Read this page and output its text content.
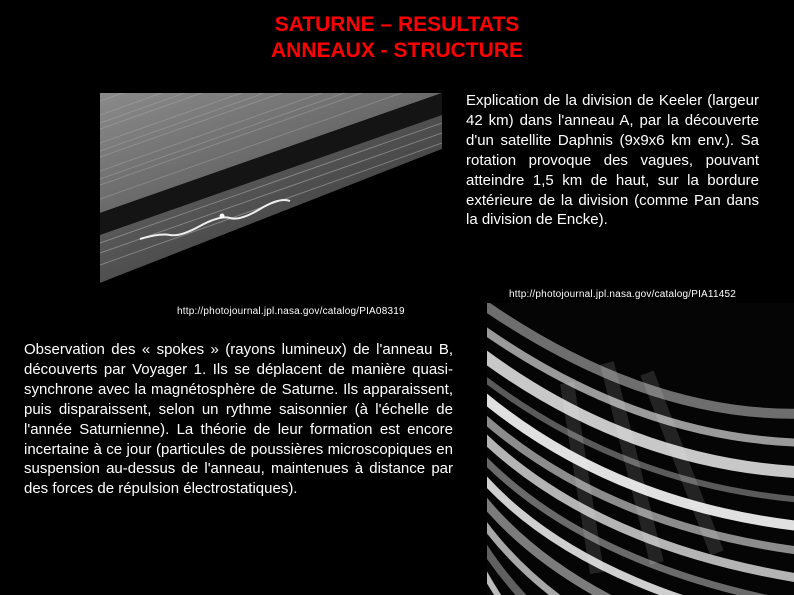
SATURNE – RESULTATS
ANNEAUX - STRUCTURE
http://photojournal.jpl.nasa.gov/catalog/PIA08319
http://photojournal.jpl.nasa.gov/catalog/PIA11452
Explication de la division de Keeler (largeur 42 km) dans l'anneau A, par la découverte d'un satellite Daphnis (9x9x6 km env.). Sa rotation provoque des vagues, pouvant atteindre 1,5 km de haut, sur la bordure extérieure de la division (comme Pan dans la division de Encke).
Observation des « spokes » (rayons lumineux) de l'anneau B, découverts par Voyager 1. Ils se déplacent de manière quasi-synchrone avec la magnétosphère de Saturne. Ils apparaissent, puis disparaissent, selon un rythme saisonnier (à l'échelle de l'année Saturnienne). La théorie de leur formation est encore incertaine à ce jour (particules de poussières microscopiques en suspension au-dessus de l'anneau, maintenues à distance par des forces de répulsion électrostatiques).
